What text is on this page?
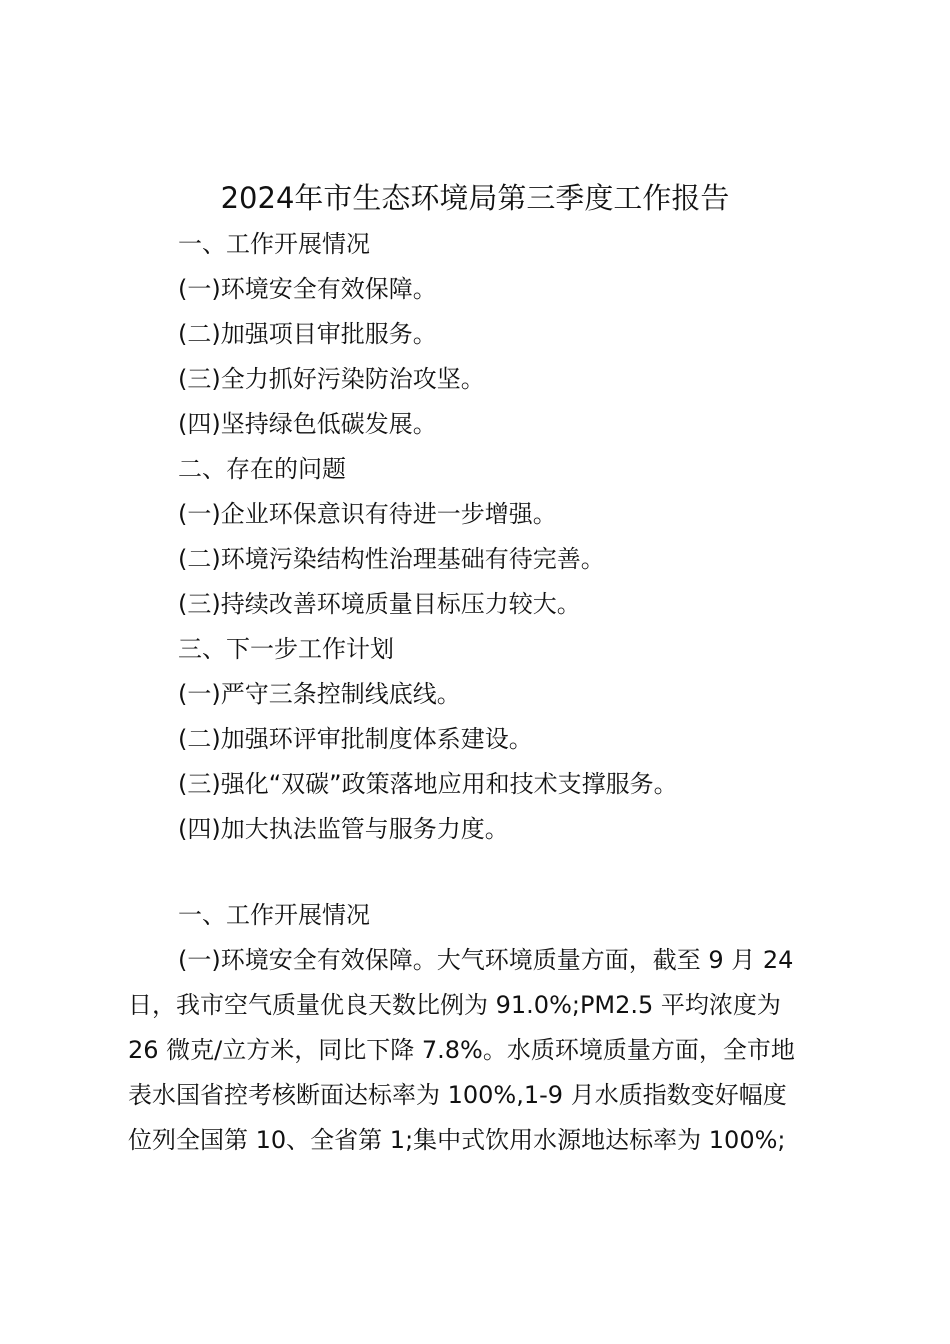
2024年市生态环境局第三季度工作报告
一、工作开展情况
(一)环境安全有效保障。
(二)加强项目审批服务。
(三)全力抓好污染防治攻坚。
(四)坚持绿色低碳发展。
二、存在的问题
(一)企业环保意识有待进一步增强。
(二)环境污染结构性治理基础有待完善。
(三)持续改善环境质量目标压力较大。
三、下一步工作计划
(一)严守三条控制线底线。
(二)加强环评审批制度体系建设。
(三)强化“双碳”政策落地应用和技术支撑服务。
(四)加大执法监管与服务力度。
一、工作开展情况

(一)环境安全有效保障。大气环境质量方面，截至 9 月 24
日，我市空气质量优良天数比例为 91.0%;PM2.5 平均浓度为
26 微克/立方米，同比下降 7.8%。水质环境质量方面，全市地
表水国省控考核断面达标率为 100%,1-9 月水质指数变好幅度
位列全国第 10、全省第 1;集中式饮用水源地达标率为 100%;
